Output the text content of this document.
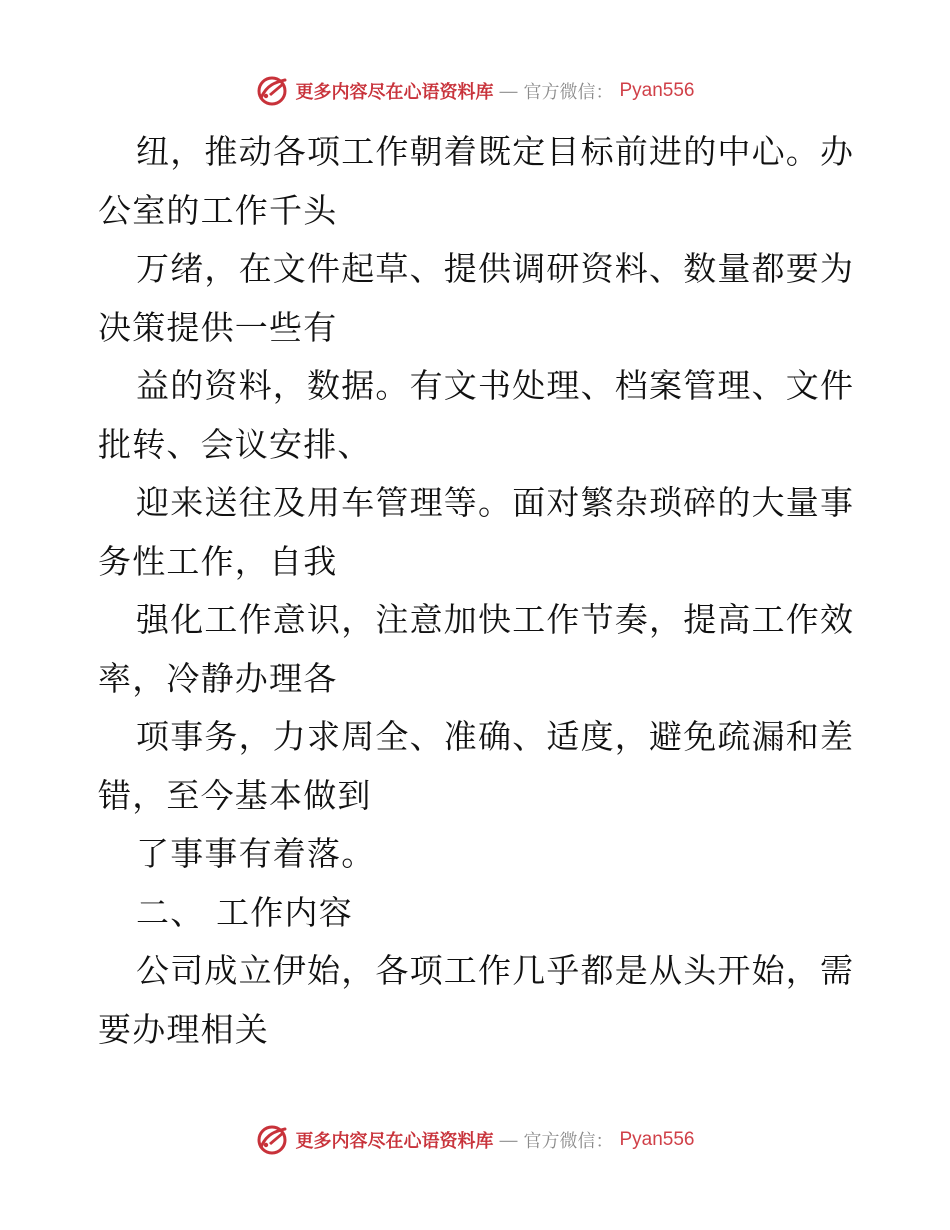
更多内容尽在心语资料库 — 官方微信： Pyan556
纽，推动各项工作朝着既定目标前进的中心。办
公室的工作千头
万绪，在文件起草、提供调研资料、数量都要为
决策提供一些有
益的资料，数据。有文书处理、档案管理、文件
批转、会议安排、
迎来送往及用车管理等。面对繁杂琐碎的大量事
务性工作，自我
强化工作意识，注意加快工作节奏，提高工作效
率，冷静办理各
项事务，力求周全、准确、适度，避免疏漏和差
错，至今基本做到
了事事有着落。
二、 工作内容
公司成立伊始，各项工作几乎都是从头开始，需
要办理相关
更多内容尽在心语资料库 — 官方微信： Pyan556
